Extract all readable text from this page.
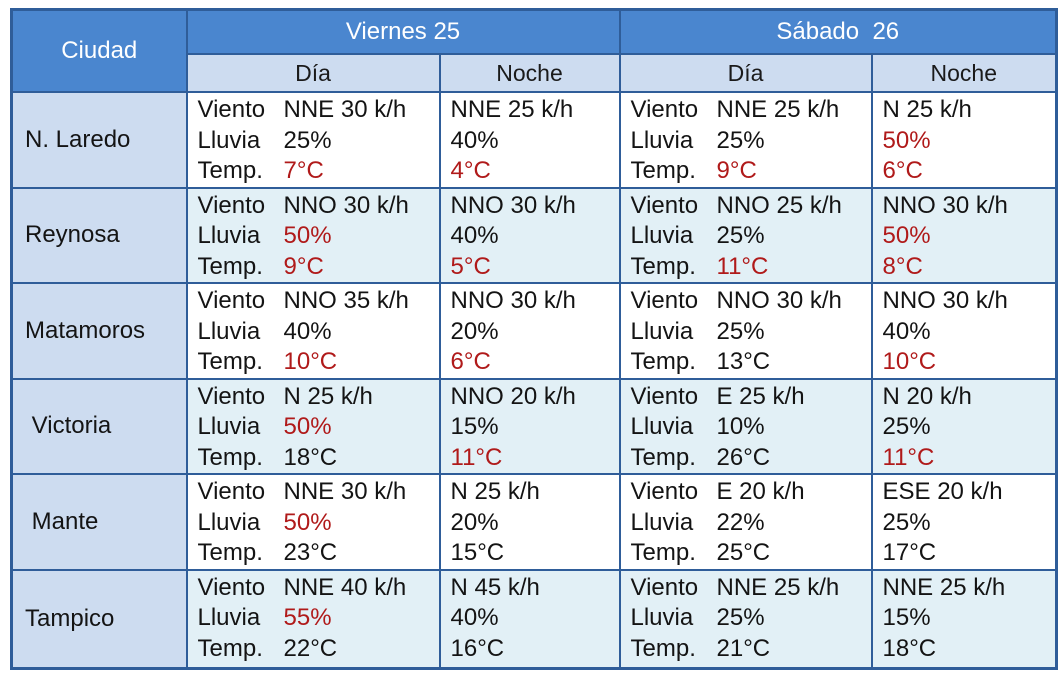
Ciudad	Viernes 25		Sábado  26	
	Día	Noche	Día	Noche
N. Laredo	Viento NNE 30 k/h
Lluvia 25%
Temp. 7°C	NNE 25 k/h
40%
4°C	Viento NNE 25 k/h
Lluvia 25%
Temp. 9°C	N 25 k/h
50%
6°C

Reynosa	Viento NNO 30 k/h
Lluvia 50%
Temp. 9°C	NNO 30 k/h
40%
5°C	Viento NNO 25 k/h
Lluvia 25%
Temp. 11°C	NNO 30 k/h
50%
8°C

Matamoros	Viento NNO 35 k/h
Lluvia 40%
Temp. 10°C	NNO 30 k/h
20%
6°C	Viento NNO 30 k/h
Lluvia 25%
Temp. 13°C	NNO 30 k/h
40%
10°C

Victoria	Viento N 25 k/h
Lluvia 50%
Temp. 18°C	NNO 20 k/h
15%
11°C	Viento E 25 k/h
Lluvia 10%
Temp. 26°C	N 20 k/h
25%
11°C

Mante	Viento NNE 30 k/h
Lluvia 50%
Temp. 23°C	N 25 k/h
20%
15°C	Viento E 20 k/h
Lluvia 22%
Temp. 25°C	ESE 20 k/h
25%
17°C

Tampico	Viento NNE 40 k/h
Lluvia 55%
Temp. 22°C	N 45 k/h
40%
16°C	Viento NNE 25 k/h
Lluvia 25%
Temp. 21°C	NNE 25 k/h
15%
18°C
